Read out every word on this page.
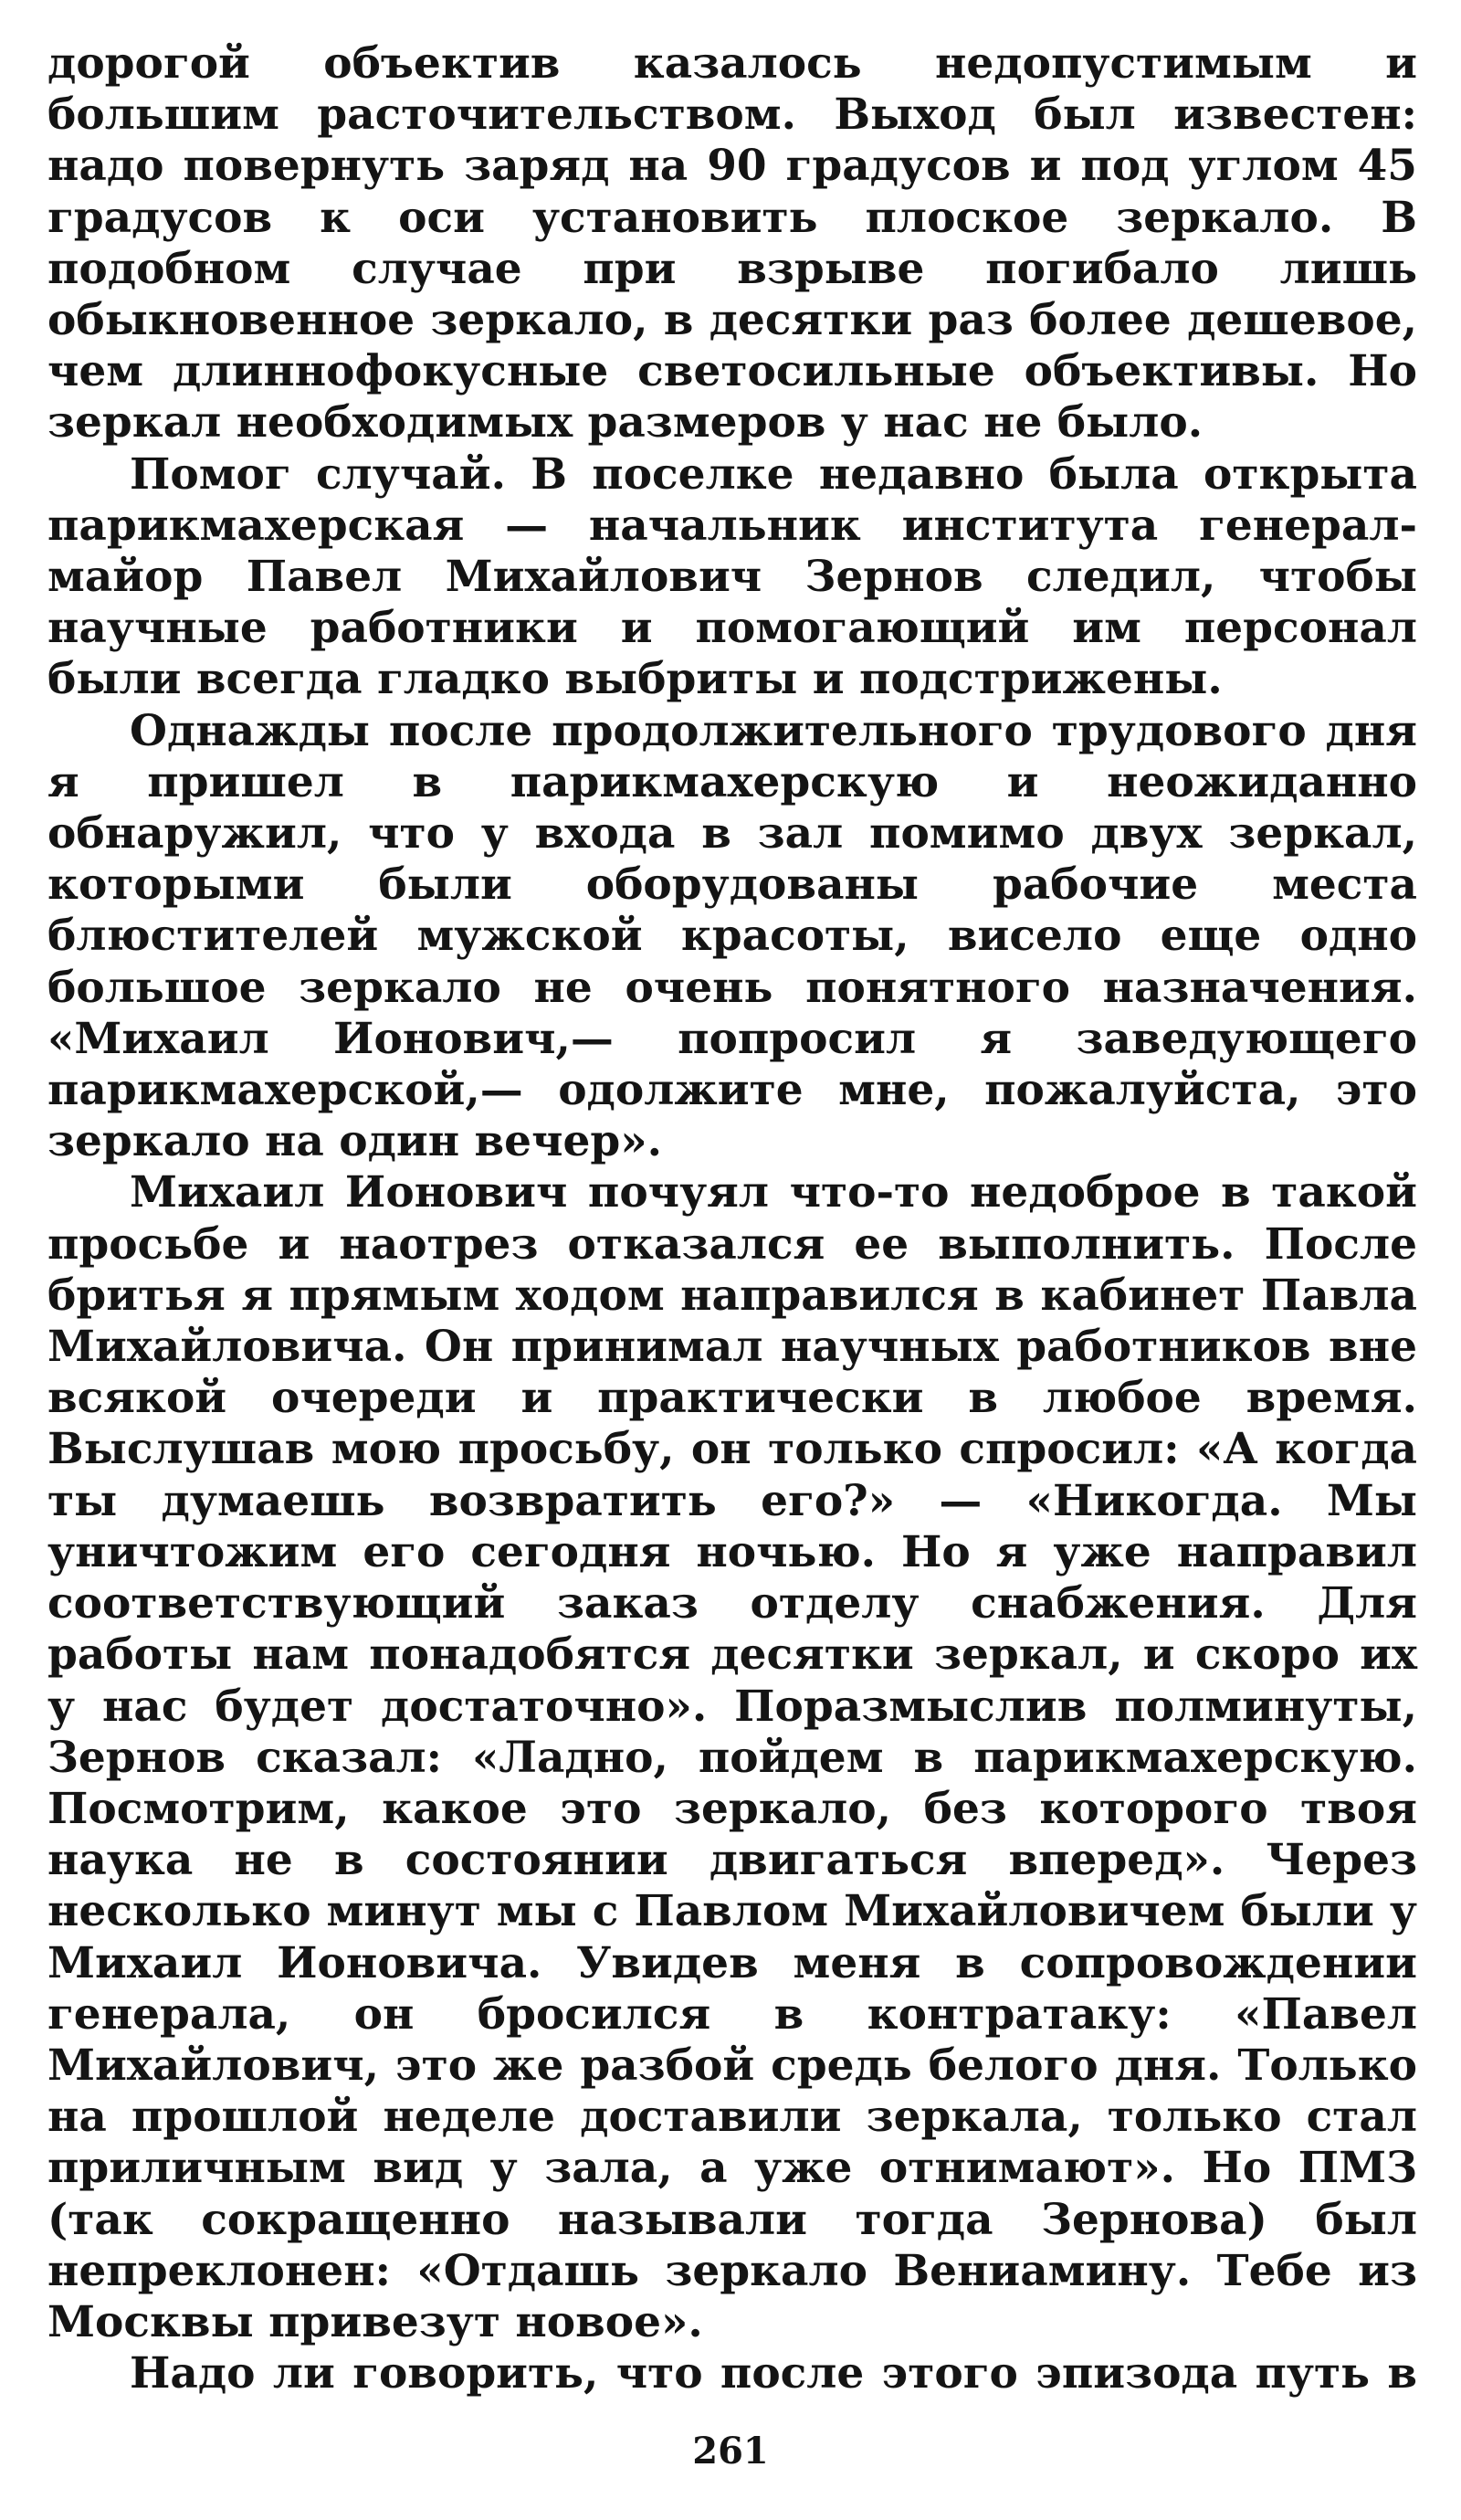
дорогой объектив казалось недопустимым и большим расточительством. Выход был известен: надо повернуть заряд на 90 градусов и под углом 45 градусов к оси установить плоское зеркало. В подобном случае при взрыве погибало лишь обыкновенное зеркало, в десятки раз более дешевое, чем длиннофокусные светосильные объективы. Но зеркал необходимых размеров у нас не было.

Помог случай. В поселке недавно была открыта парикмахерская — начальник института генерал-майор Павел Михайлович Зернов следил, чтобы научные работники и помогающий им персонал были всегда гладко выбриты и подстрижены.

Однажды после продолжительного трудового дня я пришел в парикмахерскую и неожиданно обнаружил, что у входа в зал помимо двух зеркал, которыми были оборудованы рабочие места блюстителей мужской красоты, висело еще одно большое зеркало не очень понятного назначения. «Михаил Ионович,— попросил я заведующего парикмахерской,— одолжите мне, пожалуйста, это зеркало на один вечер».

Михаил Ионович почуял что-то недоброе в такой просьбе и наотрез отказался ее выполнить. После бритья я прямым ходом направился в кабинет Павла Михайловича. Он принимал научных работников вне всякой очереди и практически в любое время. Выслушав мою просьбу, он только спросил: «А когда ты думаешь возвратить его?» — «Никогда. Мы уничтожим его сегодня ночью. Но я уже направил соответствующий заказ отделу снабжения. Для работы нам понадобятся десятки зеркал, и скоро их у нас будет достаточно». Поразмыслив полминуты, Зернов сказал: «Ладно, пойдем в парикмахерскую. Посмотрим, какое это зеркало, без которого твоя наука не в состоянии двигаться вперед». Через несколько минут мы с Павлом Михайловичем были у Михаил Ионовича. Увидев меня в сопровождении генерала, он бросился в контратаку: «Павел Михайлович, это же разбой средь белого дня. Только на прошлой неделе доставили зеркала, только стал приличным вид у зала, а уже отнимают». Но ПМЗ (так сокращенно называли тогда Зернова) был непреклонен: «Отдашь зеркало Вениамину. Тебе из Москвы привезут новое».

Надо ли говорить, что после этого эпизода путь в

261
